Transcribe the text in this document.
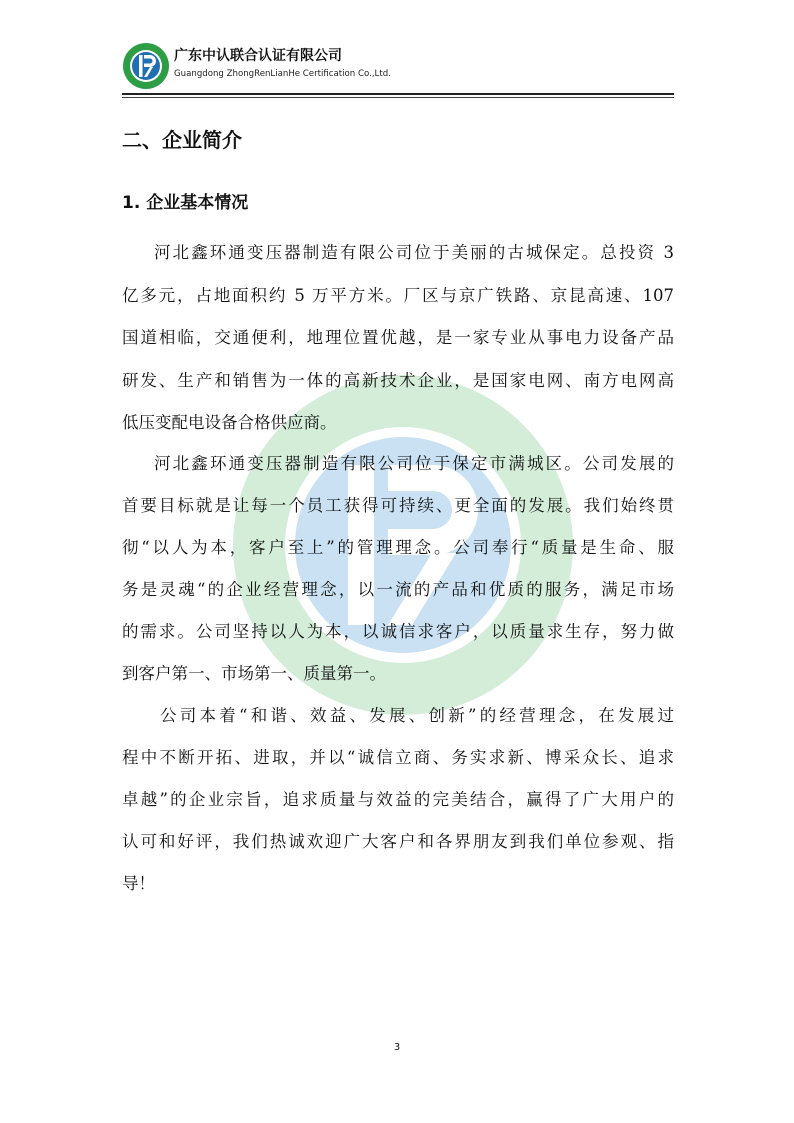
广东中认联合认证有限公司
Guangdong ZhongRenLianHe Certification Co.,Ltd.
二、企业简介
1. 企业基本情况
河北鑫环通变压器制造有限公司位于美丽的古城保定。总投资 3
亿多元，占地面积约 5 万平方米。厂区与京广铁路、京昆高速、107
国道相临，交通便利，地理位置优越，是一家专业从事电力设备产品
研发、生产和销售为一体的高新技术企业，是国家电网、南方电网高
低压变配电设备合格供应商。
河北鑫环通变压器制造有限公司位于保定市满城区。公司发展的
首要目标就是让每一个员工获得可持续、更全面的发展。我们始终贯
彻“以人为本，客户至上”的管理理念。公司奉行“质量是生命、服
务是灵魂“的企业经营理念，以一流的产品和优质的服务，满足市场
的需求。公司坚持以人为本，以诚信求客户，以质量求生存，努力做
到客户第一、市场第一、质量第一。
公司本着“和谐、效益、发展、创新”的经营理念，在发展过
程中不断开拓、进取，并以“诚信立商、务实求新、博采众长、追求
卓越”的企业宗旨，追求质量与效益的完美结合，赢得了广大用户的
认可和好评，我们热诚欢迎广大客户和各界朋友到我们单位参观、指
导！
3
